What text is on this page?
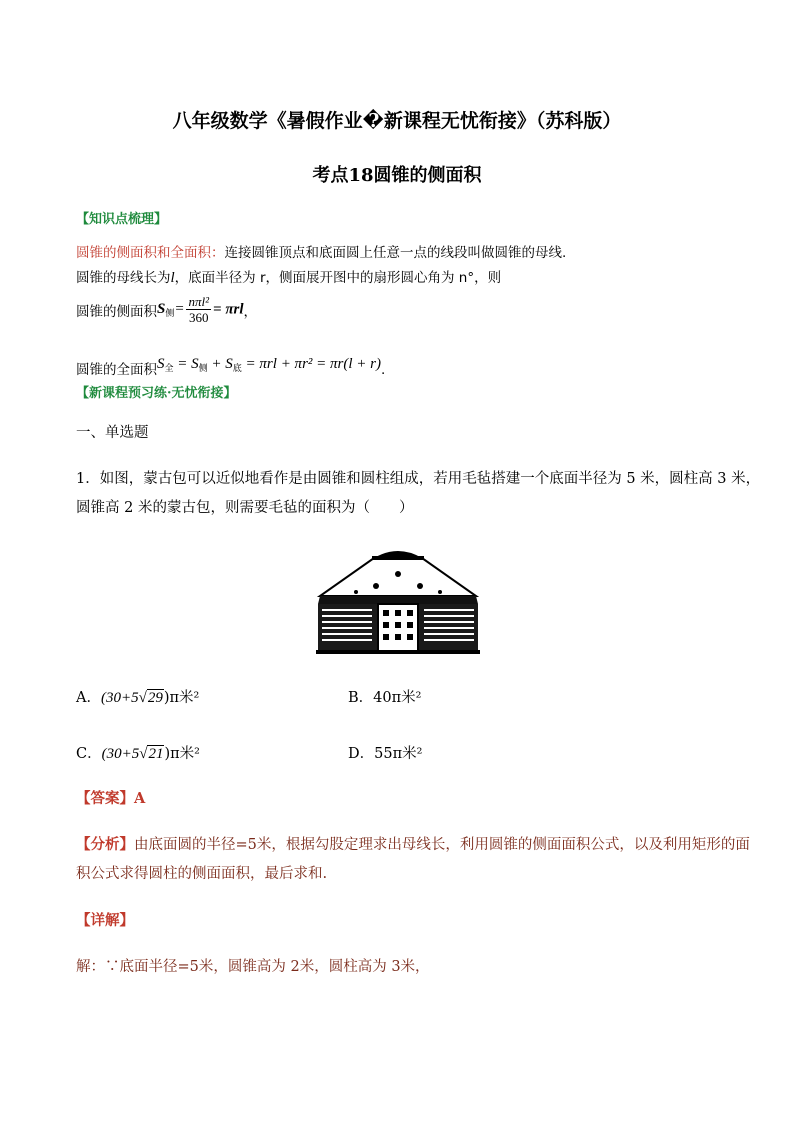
八年级数学《暑假作业�新课程无忧衔接》（苏科版）
考点18圆锥的侧面积
【知识点梳理】
圆锥的侧面积和全面积：连接圆锥顶点和底面圆上任意一点的线段叫做圆锥的母线.
圆锥的母线长为l，底面半径为 r，侧面展开图中的扇形圆心角为 n°，则
圆锥的侧面积$S_侧= \frac{\text{nπl²}}{360} = \pi rl$，
圆锥的全面积$S_全 = S_侧 + S_底 = \pi rl + \pi r^2 = \pi r(l + r)$.
【新课程预习练·无忧衔接】
一、单选题
1．如图，蒙古包可以近似地看作是由圆锥和圆柱组成，若用毛毡搭建一个底面半径为 5 米，圆柱高 3 米，
圆锥高 2 米的蒙古包，则需要毛毡的面积为（　　）
A．(30+5√29)π米²	B．40π米²
C．(30+5√21)π米²	D．55π米²
【答案】A
【分析】由底面圆的半径=5米，根据勾股定理求出母线长，利用圆锥的侧面面积公式，以及利用矩形的面
积公式求得圆柱的侧面面积，最后求和.
【详解】
解：∵底面半径=5米，圆锥高为 2米，圆柱高为 3米，
